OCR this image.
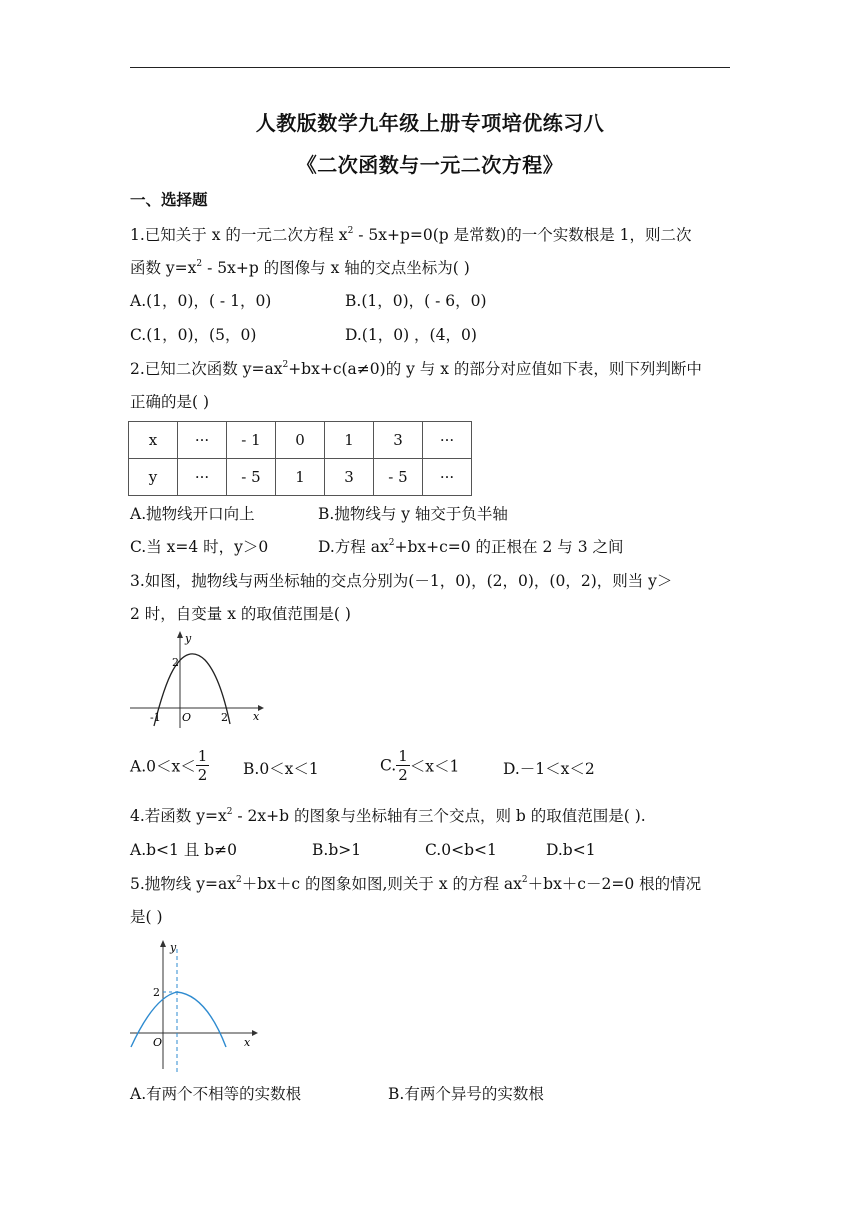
人教版数学九年级上册专项培优练习八
《二次函数与一元二次方程》
一、选择题
1.已知关于 x 的一元二次方程 $x^2 - 5x+p=0(p$ 是常数)的一个实数根是 1，则二次
函数 $y=x^2 - 5x+p$ 的图像与 x 轴的交点坐标为( )
A.(1，0)，( - 1，0)	B.(1，0)，( - 6，0)
C.(1，0)，(5，0)	D.(1，0) ，(4，0)
2.已知二次函数 $y=ax^2+bx+c(a\ne 0)$的 y 与 x 的部分对应值如下表，则下列判断中
正确的是( )
x	···	- 1	0	1	3	···
y	···	- 5	1	3	- 5	···
A.抛物线开口向上	B.抛物线与 y 轴交于负半轴
C.当 x=4 时，y＞0	D.方程 $ax^2+bx+c=0$ 的正根在 2 与 3 之间
3.如图，抛物线与两坐标轴的交点分别为(－1，0)，(2，0)，(0，2)，则当 y＞
2 时，自变量 x 的取值范围是( )
y
x
O
2
-1	2
$A.0<x< \frac{1}{2} B.0<x<1$	C. $\frac{1}{2} <x<1$	D.－1＜x＜2
4.若函数 $y=x^2 - 2x+b$ 的图象与坐标轴有三个交点，则 b 的取值范围是( ).
A.b<1 且 b≠0	B.b>1	C.0<b<1	D.b<1
5.抛物线 $y=ax^2+bx+c$ 的图象如图,则关于 x 的方程 $ax^2+bx+c-2=0$ 根的情况
是( )
y
x
O
2
A.有两个不相等的实数根	B.有两个异号的实数根
